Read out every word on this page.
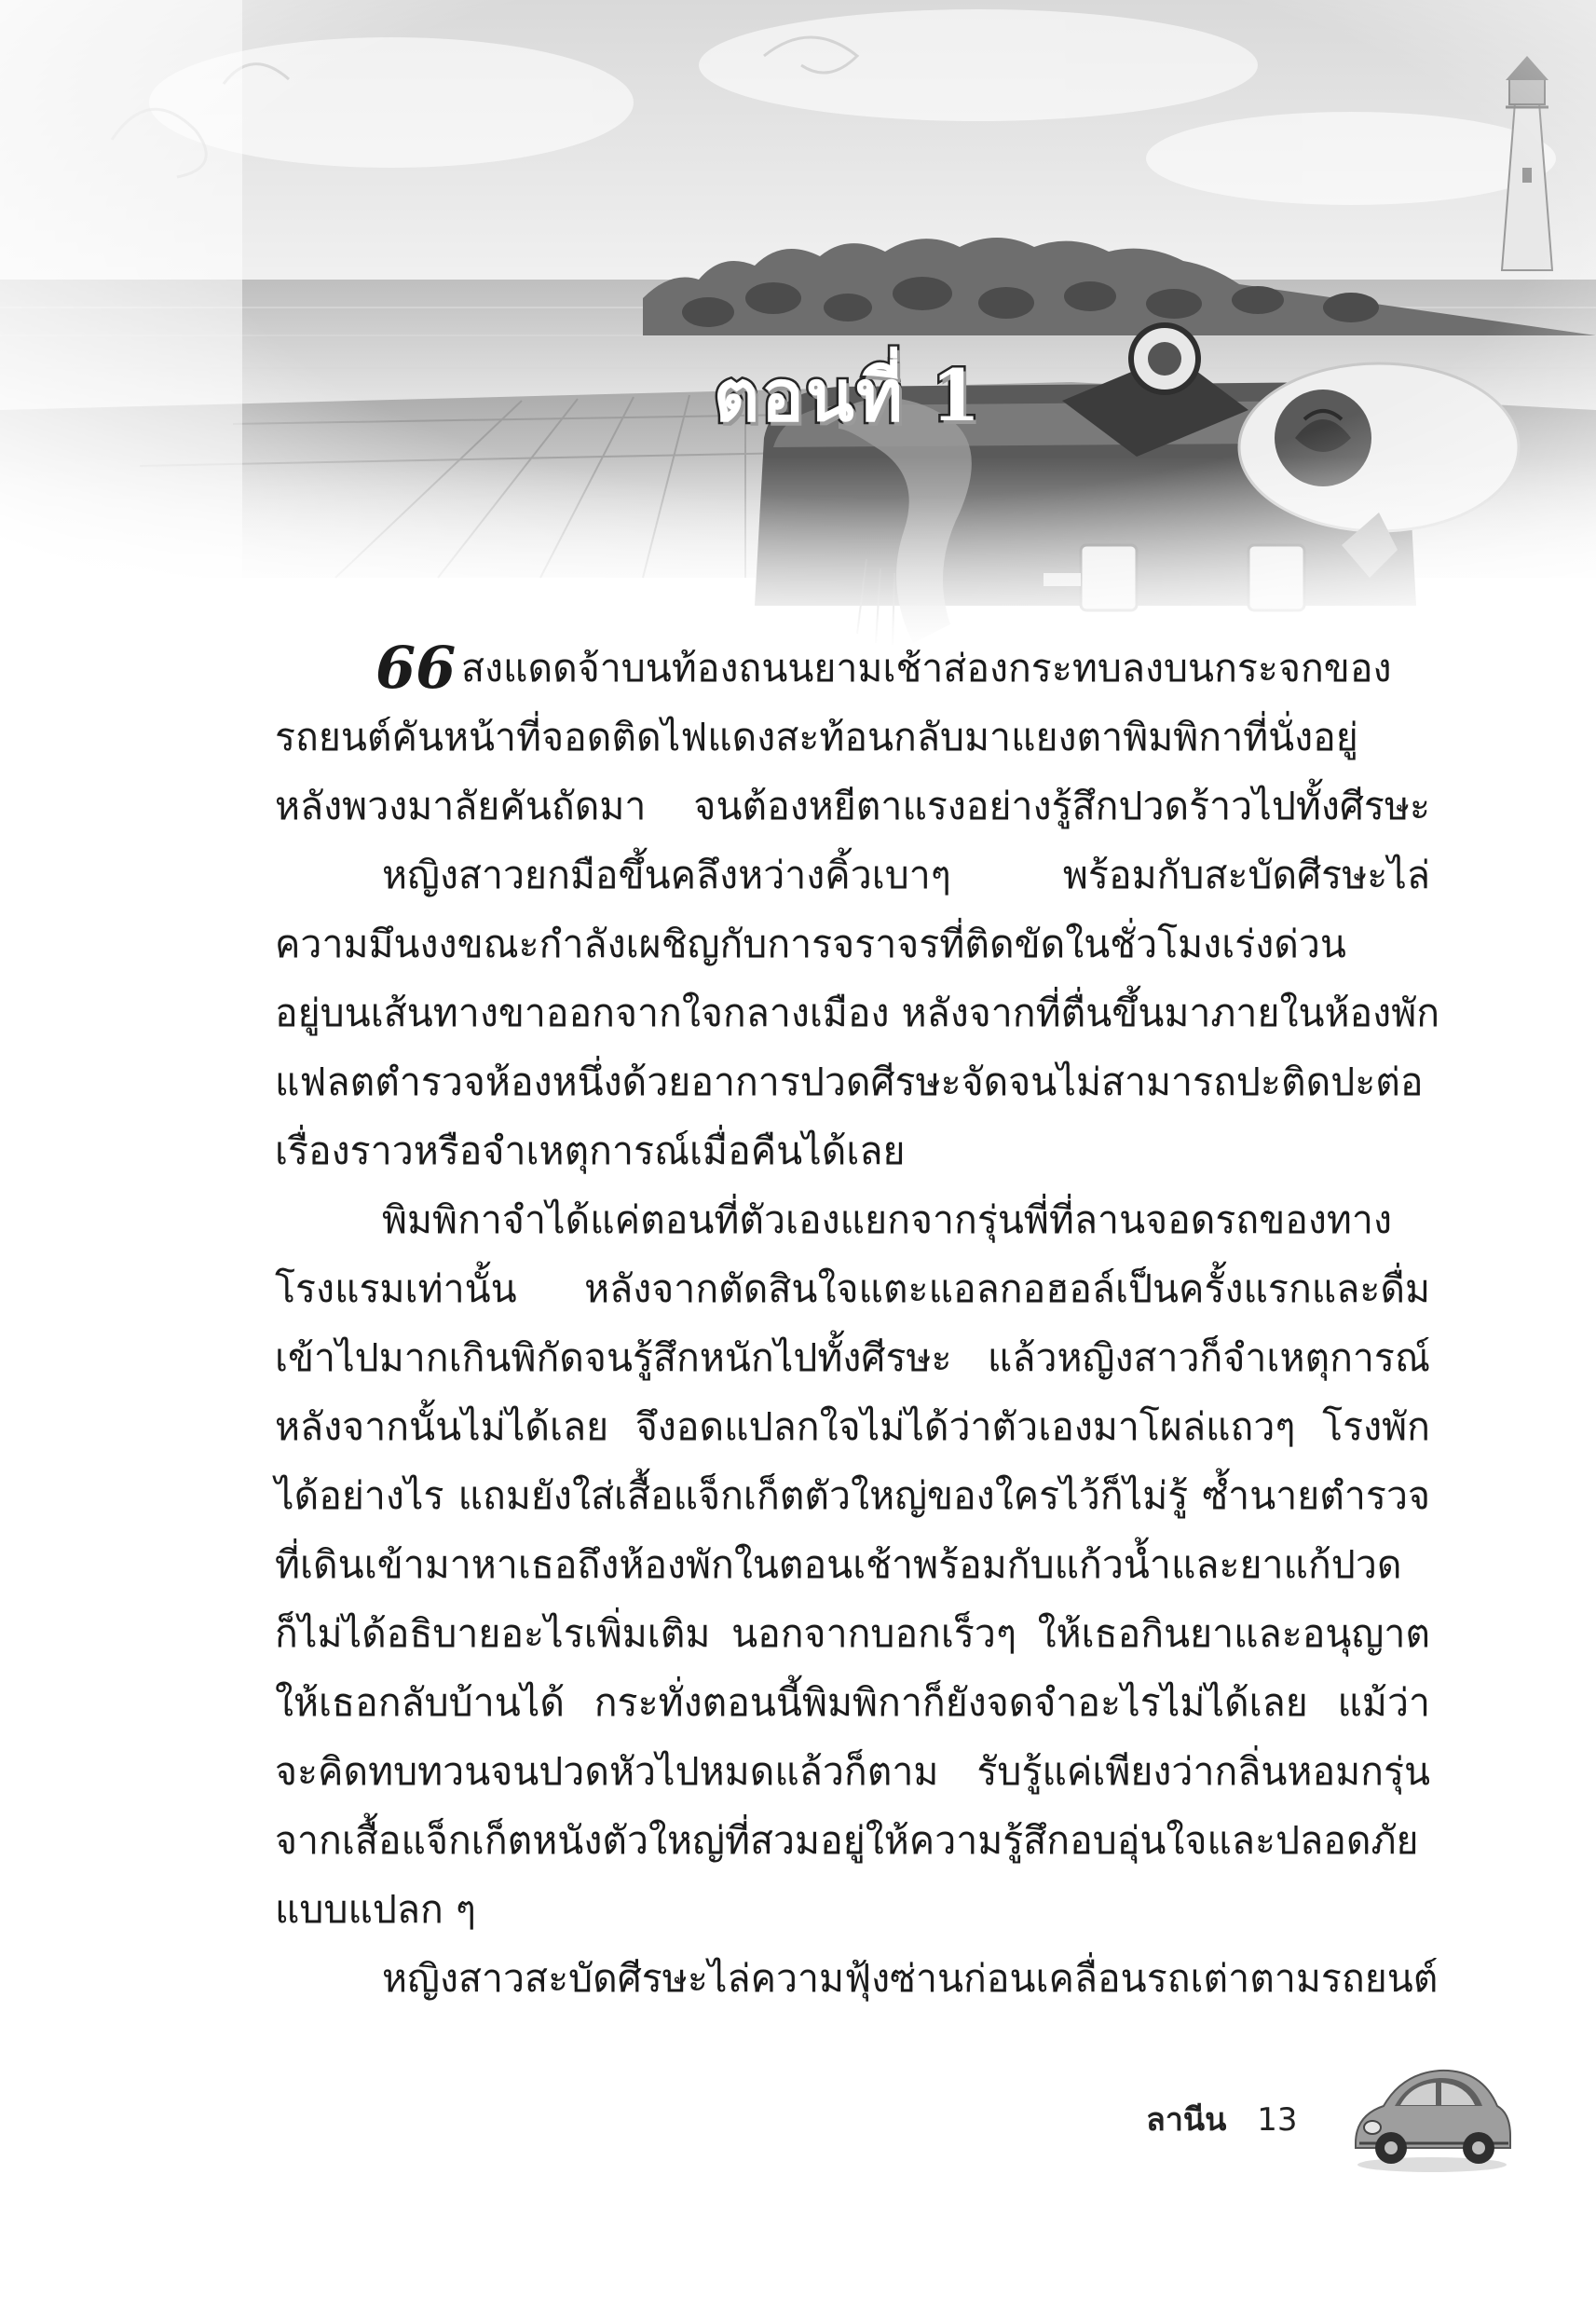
ตอนที่ 1
66 สงแดดจ้าบนท้องถนนยามเช้าส่องกระทบลงบนกระจกของ
รถยนต์คันหน้าที่จอดติดไฟแดงสะท้อนกลับมาแยงตาพิมพิกาที่นั่งอยู่
หลังพวงมาลัยคันถัดมา จนต้องหยีตาแรงอย่างรู้สึกปวดร้าวไปทั้งศีรษะ
หญิงสาวยกมือขึ้นคลึงหว่างคิ้วเบาๆ พร้อมกับสะบัดศีรษะไล่
ความมึนงงขณะกำลังเผชิญกับการจราจรที่ติดขัดในชั่วโมงเร่งด่วน
อยู่บนเส้นทางขาออกจากใจกลางเมือง หลังจากที่ตื่นขึ้นมาภายในห้องพัก
แฟลตตำรวจห้องหนึ่งด้วยอาการปวดศีรษะจัดจนไม่สามารถปะติดปะต่อ
เรื่องราวหรือจำเหตุการณ์เมื่อคืนได้เลย
พิมพิกาจำได้แค่ตอนที่ตัวเองแยกจากรุ่นพี่ที่ลานจอดรถของทาง
โรงแรมเท่านั้น หลังจากตัดสินใจแตะแอลกอฮอล์เป็นครั้งแรกและดื่ม
เข้าไปมากเกินพิกัดจนรู้สึกหนักไปทั้งศีรษะ แล้วหญิงสาวก็จำเหตุการณ์
หลังจากนั้นไม่ได้เลย จึงอดแปลกใจไม่ได้ว่าตัวเองมาโผล่แถวๆ โรงพัก
ได้อย่างไร แถมยังใส่เสื้อแจ็กเก็ตตัวใหญ่ของใครไว้ก็ไม่รู้ ซ้ำนายตำรวจ
ที่เดินเข้ามาหาเธอถึงห้องพักในตอนเช้าพร้อมกับแก้วน้ำและยาแก้ปวด
ก็ไม่ได้อธิบายอะไรเพิ่มเติม นอกจากบอกเร็วๆ ให้เธอกินยาและอนุญาต
ให้เธอกลับบ้านได้ กระทั่งตอนนี้พิมพิกาก็ยังจดจำอะไรไม่ได้เลย แม้ว่า
จะคิดทบทวนจนปวดหัวไปหมดแล้วก็ตาม รับรู้แค่เพียงว่ากลิ่นหอมกรุ่น
จากเสื้อแจ็กเก็ตหนังตัวใหญ่ที่สวมอยู่ให้ความรู้สึกอบอุ่นใจและปลอดภัย
แบบแปลก ๆ
หญิงสาวสะบัดศีรษะไล่ความฟุ้งซ่านก่อนเคลื่อนรถเต่าตามรถยนต์
ลานีน 13
